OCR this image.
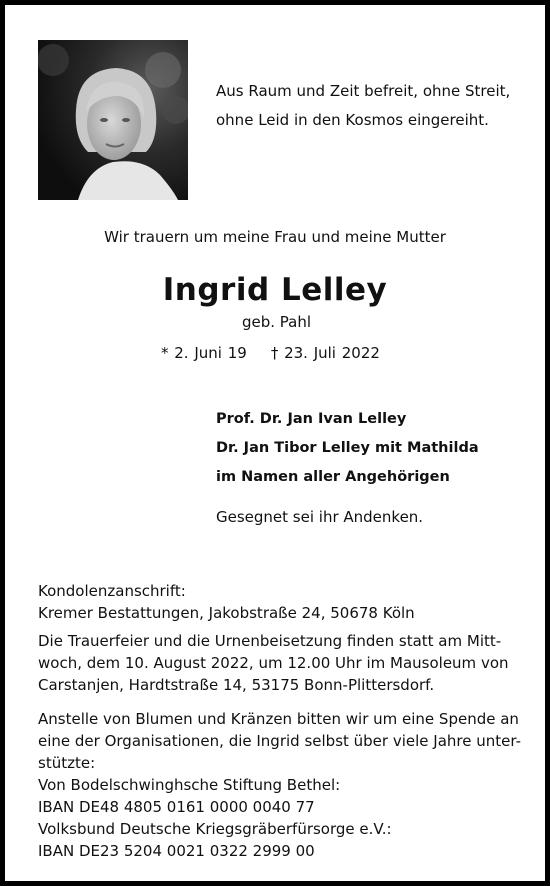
Aus Raum und Zeit befreit, ohne Streit,
ohne Leid in den Kosmos eingereiht.
Wir trauern um meine Frau und meine Mutter
Ingrid Lelley
geb. Pahl
* 2. Juni 19 † 23. Juli 2022
Prof. Dr. Jan Ivan Lelley
Dr. Jan Tibor Lelley mit Mathilda
im Namen aller Angehörigen
Gesegnet sei ihr Andenken.
Kondolenzanschrift:
Kremer Bestattungen, Jakobstraße 24, 50678 Köln
Die Trauerfeier und die Urnenbeisetzung finden statt am Mitt-
woch, dem 10. August 2022, um 12.00 Uhr im Mausoleum von
Carstanjen, Hardtstraße 14, 53175 Bonn-Plittersdorf.
Anstelle von Blumen und Kränzen bitten wir um eine Spende an
eine der Organisationen, die Ingrid selbst über viele Jahre unter-
stützte:
Von Bodelschwinghsche Stiftung Bethel:
IBAN DE48 4805 0161 0000 0040 77
Volksbund Deutsche Kriegsgräberfürsorge e.V.:
IBAN DE23 5204 0021 0322 2999 00
